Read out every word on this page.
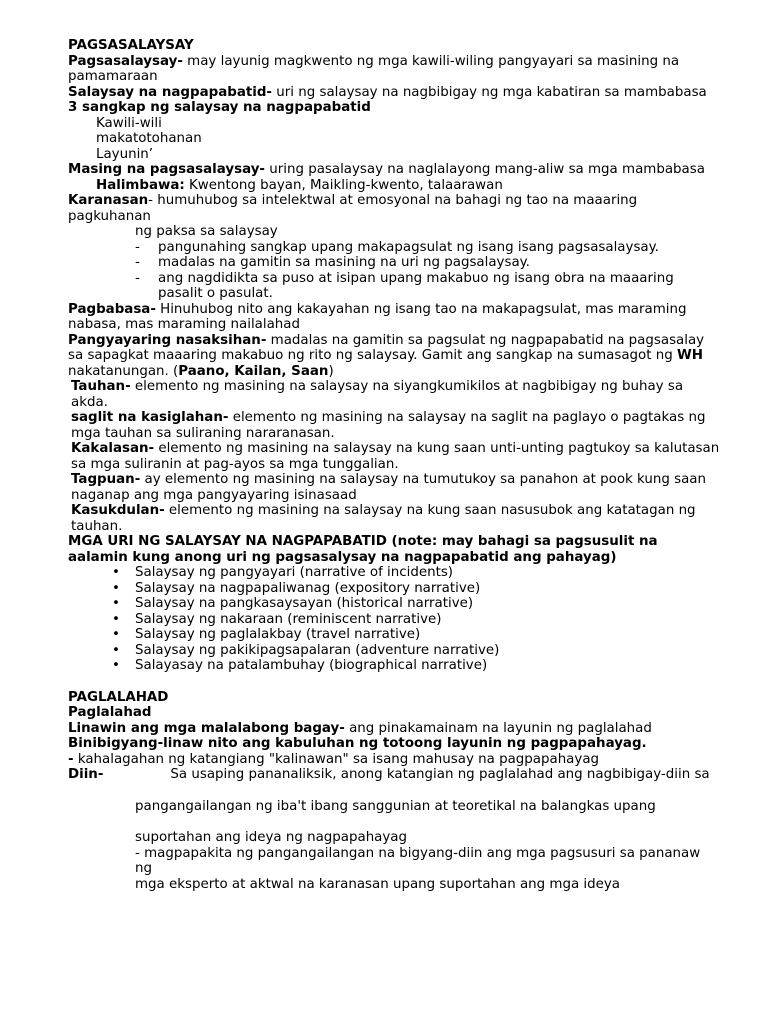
PAGSASALAYSAY

Pagsasalaysay- may layunig magkwento ng mga kawili-wiling pangyayari sa masining na pamamaraan

Salaysay na nagpapabatid- uri ng salaysay na nagbibigay ng mga kabatiran sa mambabasa

3 sangkap ng salaysay na nagpapabatid

Kawili-wili

makatotohanan

Layunin’

Masing na pagsasalaysay- uring pasalaysay na naglalayong mang-aliw sa mga mambabasa

Halimbawa: Kwentong bayan, Maikling-kwento, talaarawan

Karanasan- humuhubog sa intelektwal at emosyonal na bahagi ng tao na maaaring pagkuhanan

ng paksa sa salaysay

- pangunahing sangkap upang makapagsulat ng isang isang pagsasalaysay.
- madalas na gamitin sa masining na uri ng pagsalaysay.
- ang nagdidikta sa puso at isipan upang makabuo ng isang obra na maaaring pasalit o pasulat.

Pagbabasa- Hinuhubog nito ang kakayahan ng isang tao na makapagsulat, mas maraming nabasa, mas maraming nailalahad

Pangyayaring nasaksihan- madalas na gamitin sa pagsulat ng nagpapabatid na pagsasalay sa sapagkat maaaring makabuo ng rito ng salaysay. Gamit ang sangkap na sumasagot ng WH nakatanungan. (Paano, Kailan, Saan)

Tauhan- elemento ng masining na salaysay na siyangkumikilos at nagbibigay ng buhay sa akda.

saglit na kasiglahan- elemento ng masining na salaysay na saglit na paglayo o pagtakas ng mga tauhan sa suliraning nararanasan.

Kakalasan- elemento ng masining na salaysay na kung saan unti-unting pagtukoy sa kalutasan sa mga suliranin at pag-ayos sa mga tunggalian.

Tagpuan- ay elemento ng masining na salaysay na tumutukoy sa panahon at pook kung saan naganap ang mga pangyayaring isinasaad

Kasukdulan- elemento ng masining na salaysay na kung saan nasusubok ang katatagan ng tauhan.

MGA URI NG SALAYSAY NA NAGPAPABATID (note: may bahagi sa pagsusulit na aalamin kung anong uri ng pagsasalysay na nagpapabatid ang pahayag)

• Salaysay ng pangyayari (narrative of incidents)
• Salaysay na nagpapaliwanag (expository narrative)
• Salaysay na pangkasaysayan (historical narrative)
• Salaysay ng nakaraan (reminiscent narrative)
• Salaysay ng paglalakbay (travel narrative)
• Salaysay ng pakikipagsapalaran (adventure narrative)
• Salayasay na patalambuhay (biographical narrative)

PAGLALAHAD

Paglalahad

Linawin ang mga malalabong bagay- ang pinakamainam na layunin ng paglalahad

Binibigyang-linaw nito ang kabuluhan ng totoong layunin ng pagpapahayag.

- kahalagahan ng katangiang "kalinawan" sa isang mahusay na pagpapahayag

Diin-	Sa usaping pananaliksik, anong katangian ng paglalahad ang nagbibigay-diin sa

pangangailangan ng iba't ibang sanggunian at teoretikal na balangkas upang

suportahan ang ideya ng nagpapahayag

- magpapakita ng pangangailangan na bigyang-diin ang mga pagsusuri sa pananaw ng

mga eksperto at aktwal na karanasan upang suportahan ang mga ideya
